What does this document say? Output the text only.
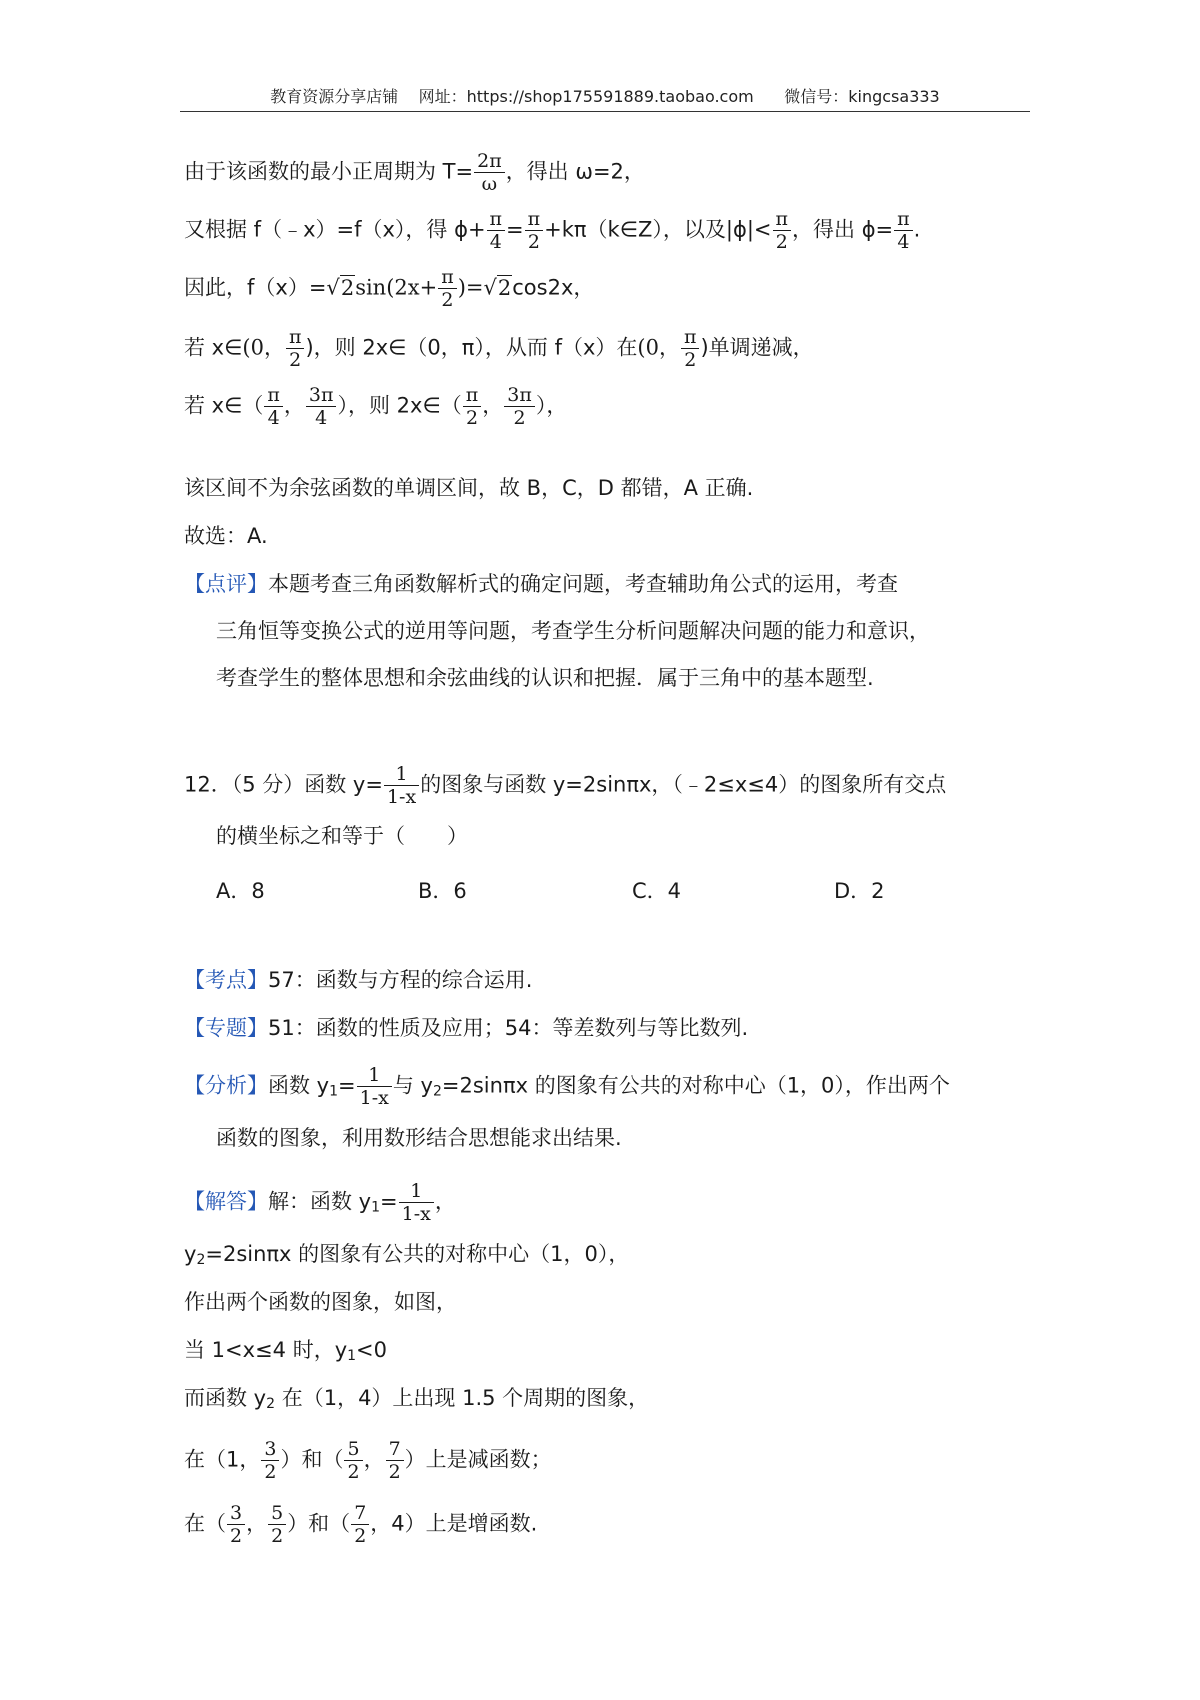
教育资源分享店铺 网址：https://shop175591889.taobao.com 微信号：kingcsa333
由于该函数的最小正周期为 $T= \frac{2\pi}{\omega}$ ，得出 ω=2，
又根据 f（﹣x）=f（x），得 $\phi+ \frac{\pi}{4} = \frac{\pi}{2}$ +kπ（k∈Z），以及$|\phi|< \frac{\pi}{2}$ ，得出 $\phi= \frac{\pi}{4}$ .
因此，$f(x)=√2\sin(2x+ \frac{\pi}{2} )=√2\cos 2x$，
若 x∈(0， $\frac{\pi}{2}$ )，则 2x∈（0，π），从而 f（x）在(0， $\frac{\pi}{2}$ )单调递减，
若 x∈（ $\frac{\pi}{4}$ ， $\frac{3\pi}{4}$ ），则 2x∈（ $\frac{\pi}{2}$ ， $\frac{3\pi}{2}$ ），
该区间不为余弦函数的单调区间，故 B，C，D 都错，A 正确.
故选：A.
【点评】本题考查三角函数解析式的确定问题，考查辅助角公式的运用，考查
三角恒等变换公式的逆用等问题，考查学生分析问题解决问题的能力和意识，
考查学生的整体思想和余弦曲线的认识和把握．属于三角中的基本题型.
12．（5 分）函数 $y= \frac{1}{1-x}$ 的图象与函数 y=2sinπx，（﹣2≤x≤4）的图象所有交点
的横坐标之和等于（　　）
A．8	B．6	C．4	D．2
【考点】57：函数与方程的综合运用.
【专题】51：函数的性质及应用；54：等差数列与等比数列.
【分析】函数 $y_1= \frac{1}{1-x}$ 与 $y_2=2\sin\pi x$ 的图象有公共的对称中心（1，0），作出两个
函数的图象，利用数形结合思想能求出结果.
【解答】解：函数 $y_1= \frac{1}{1-x}$ ，
$y_2=2\sin\pi x$ 的图象有公共的对称中心（1，0），
作出两个函数的图象，如图，
当 1<x≤4 时，$y_1<0$
而函数 $y_2$ 在（1，4）上出现 1.5 个周期的图象，
在（1， $\frac{3}{2}$ ）和（ $\frac{5}{2}$ ， $\frac{7}{2}$ ）上是减函数；
在（ $\frac{3}{2}$ ， $\frac{5}{2}$ ）和（ $\frac{7}{2}$ ，4）上是增函数.
